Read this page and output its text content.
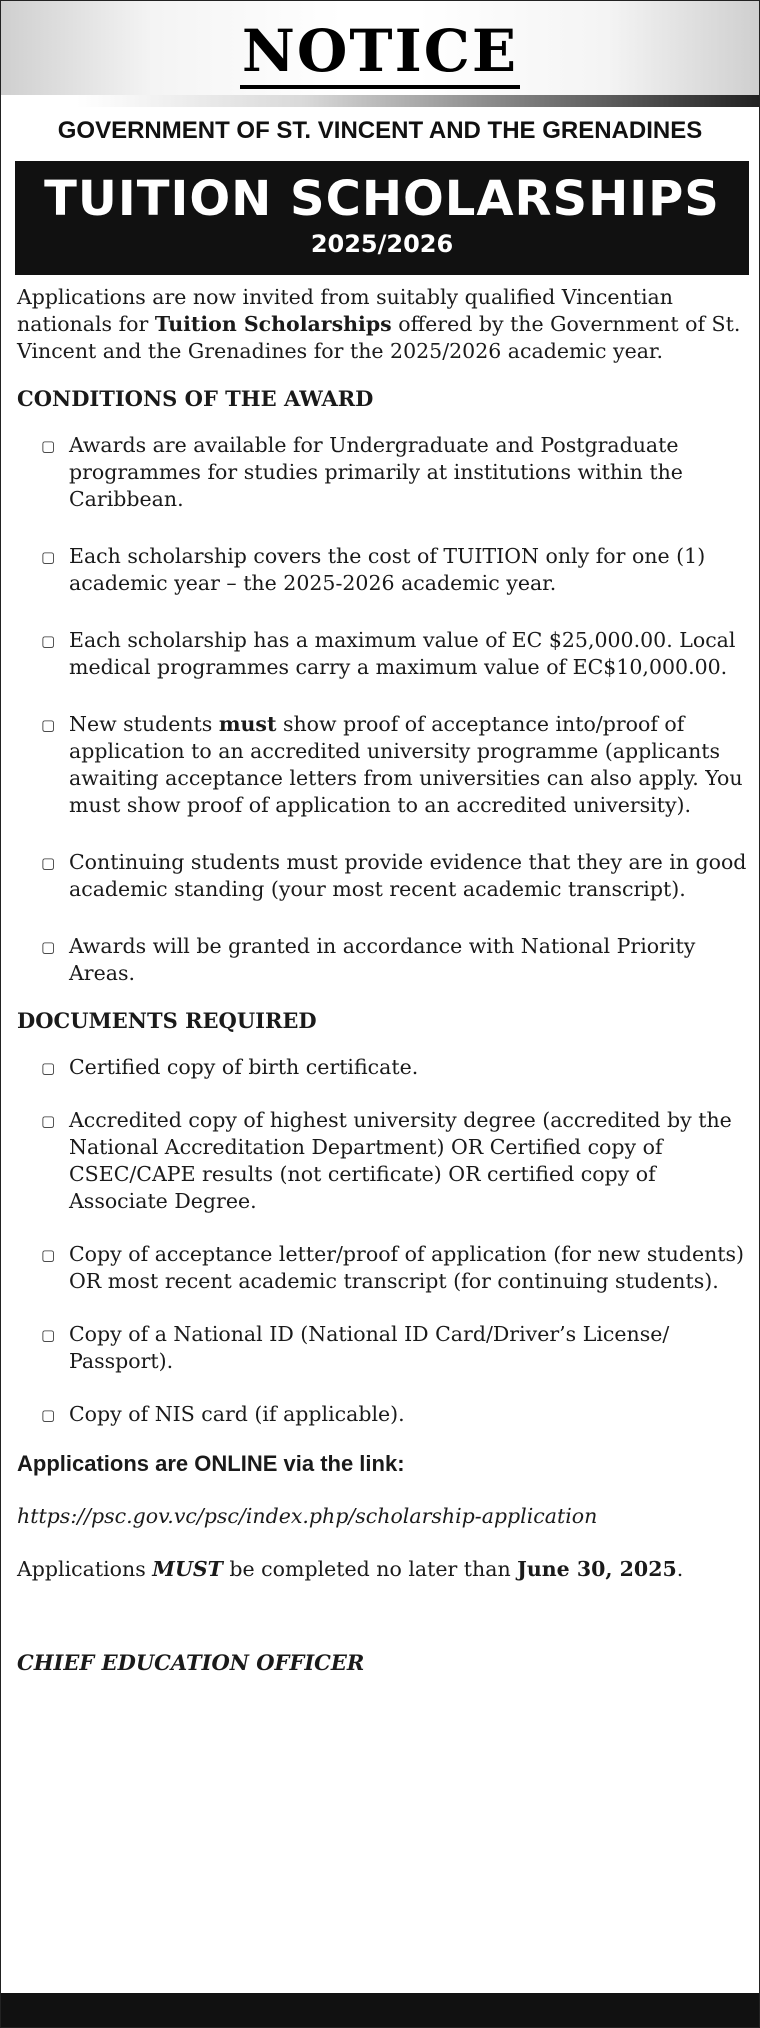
NOTICE
GOVERNMENT OF ST. VINCENT AND THE GRENADINES
TUITION SCHOLARSHIPS
2025/2026

Applications are now invited from suitably qualified Vincentian nationals for Tuition Scholarships offered by the Government of St. Vincent and the Grenadines for the 2025/2026 academic year.

CONDITIONS OF THE AWARD
▢ Awards are available for Undergraduate and Postgraduate programmes for studies primarily at institutions within the Caribbean.
▢ Each scholarship covers the cost of TUITION only for one (1) academic year – the 2025-2026 academic year.
▢ Each scholarship has a maximum value of EC $25,000.00. Local medical programmes carry a maximum value of EC$10,000.00.
▢ New students must show proof of acceptance into/proof of application to an accredited university programme (applicants awaiting acceptance letters from universities can also apply. You must show proof of application to an accredited university).
▢ Continuing students must provide evidence that they are in good academic standing (your most recent academic transcript).
▢ Awards will be granted in accordance with National Priority Areas.
DOCUMENTS REQUIRED
▢ Certified copy of birth certificate.
▢ Accredited copy of highest university degree (accredited by the National Accreditation Department) OR Certified copy of CSEC/CAPE results (not certificate) OR certified copy of Associate Degree.
▢ Copy of acceptance letter/proof of application (for new students) OR most recent academic transcript (for continuing students).
▢ Copy of a National ID (National ID Card/Driver’s License/ Passport).
▢ Copy of NIS card (if applicable).
Applications are ONLINE via the link:
https://psc.gov.vc/psc/index.php/scholarship-application

Applications MUST be completed no later than June 30, 2025.

CHIEF EDUCATION OFFICER
